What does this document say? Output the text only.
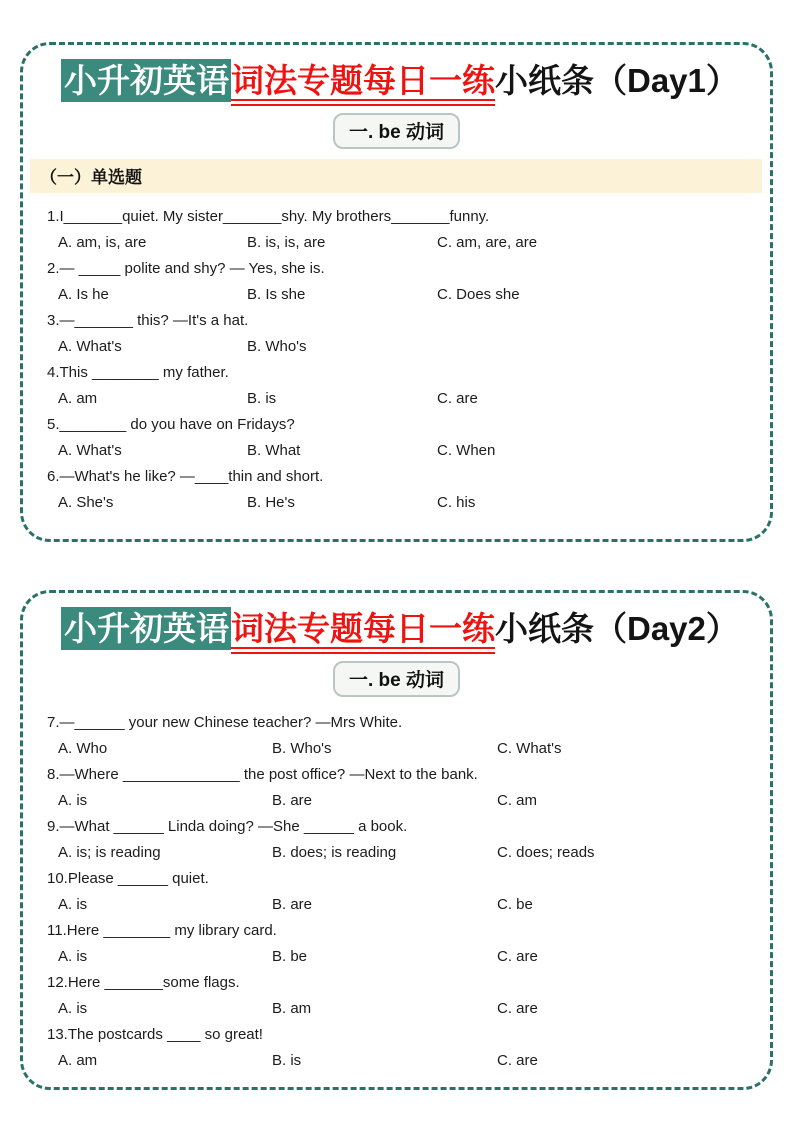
小升初英语词法专题每日一练小纸条（Day1）
一. be 动词
（一）单选题
1.I_______quiet. My sister_______shy. My brothers_______funny.
A. am, is, are	B. is, is, are	C. am, are, are
2.— _____ polite and shy? — Yes, she is.
A. Is he	B. Is she	C. Does she
3.—_______ this? —It's a hat.
A. What's	B. Who's
4.This ________ my father.
A. am	B. is	C. are
5.________ do you have on Fridays?
A. What's	B. What	C. When
6.—What's he like? —____thin and short.
A. She's	B. He's	C. his
小升初英语词法专题每日一练小纸条（Day2）
一. be 动词
7.—______ your new Chinese teacher? —Mrs White.
A. Who	B. Who's	C. What's
8.—Where ______________ the post office? —Next to the bank.
A. is	B. are	C. am
9.—What ______ Linda doing? —She ______ a book.
A. is; is reading	B. does; is reading	C. does; reads
10.Please ______ quiet.
A. is	B. are	C. be
11.Here ________ my library card.
A. is	B. be	C. are
12.Here _______some flags.
A. is	B. am	C. are
13.The postcards ____ so great!
A. am	B. is	C. are
